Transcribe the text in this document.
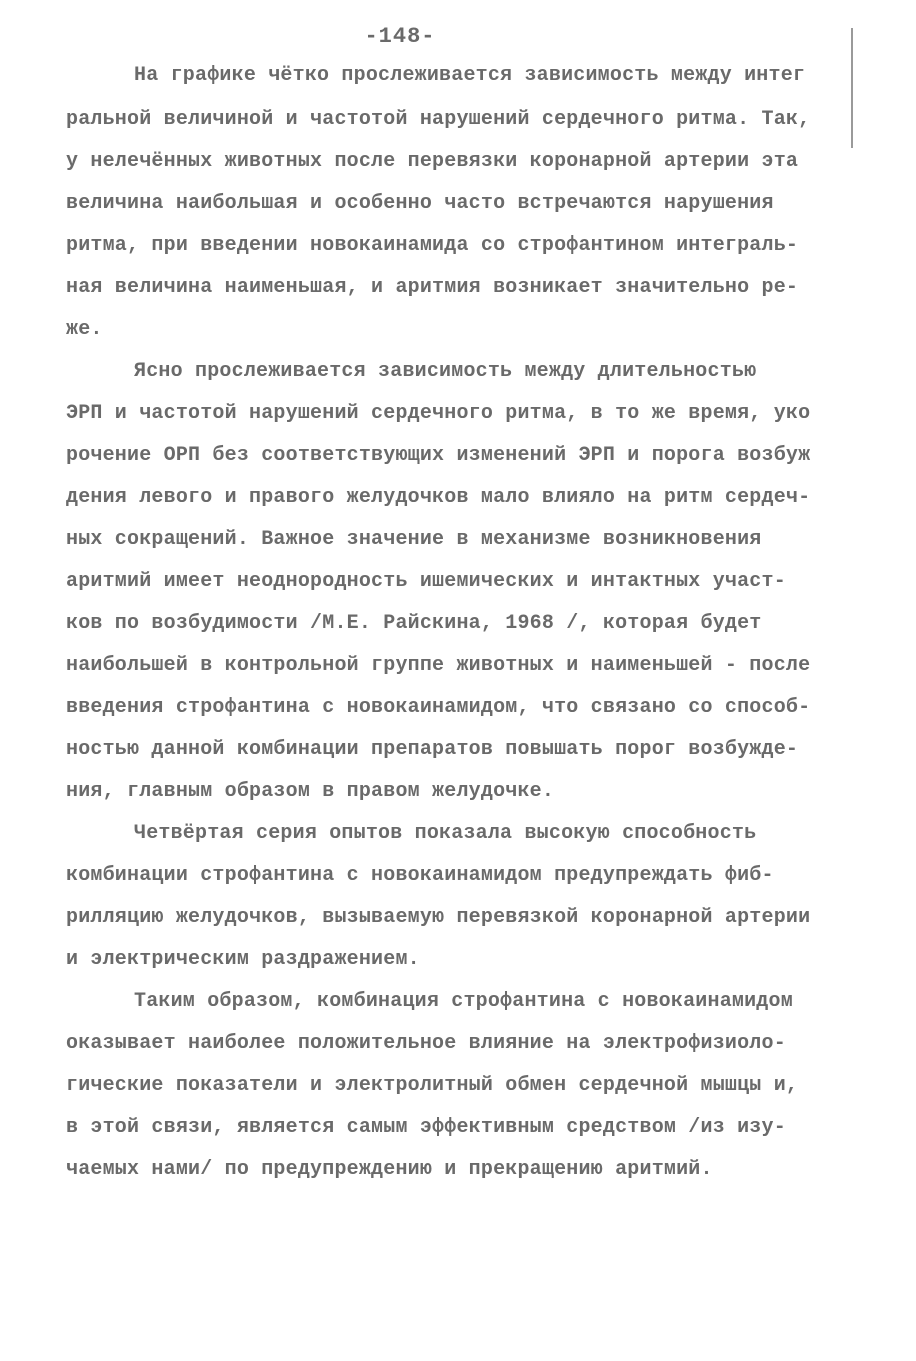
-148-
На графике чётко прослеживается зависимость между интег
ральной величиной и частотой нарушений сердечного ритма. Так,
у нелечённых животных после перевязки коронарной артерии эта
величина наибольшая и особенно часто встречаются нарушения
ритма, при введении новокаинамида со строфантином интеграль-
ная величина наименьшая, и аритмия возникает значительно ре-
же.
Ясно прослеживается зависимость между длительностью
ЭРП и частотой нарушений сердечного ритма, в то же время, уко
рочение ОРП без соответствующих изменений ЭРП и порога возбуж
дения левого и правого желудочков мало влияло на ритм сердеч-
ных сокращений. Важное значение в механизме возникновения
аритмий имеет неоднородность ишемических и интактных участ-
ков по возбудимости /М.Е. Райскина, 1968 /, которая будет
наибольшей в контрольной группе животных и наименьшей - после
введения строфантина с новокаинамидом, что связано со способ-
ностью данной комбинации препаратов повышать порог возбужде-
ния, главным образом в правом желудочке.
Четвёртая серия опытов показала высокую способность
комбинации строфантина с новокаинамидом предупреждать фиб-
рилляцию желудочков, вызываемую перевязкой коронарной артерии
и электрическим раздражением.
Таким образом, комбинация строфантина с новокаинамидом
оказывает наиболее положительное влияние на электрофизиоло-
гические показатели и электролитный обмен сердечной мышцы и,
в этой связи, является самым эффективным средством /из изу-
чаемых нами/ по предупреждению и прекращению аритмий.
